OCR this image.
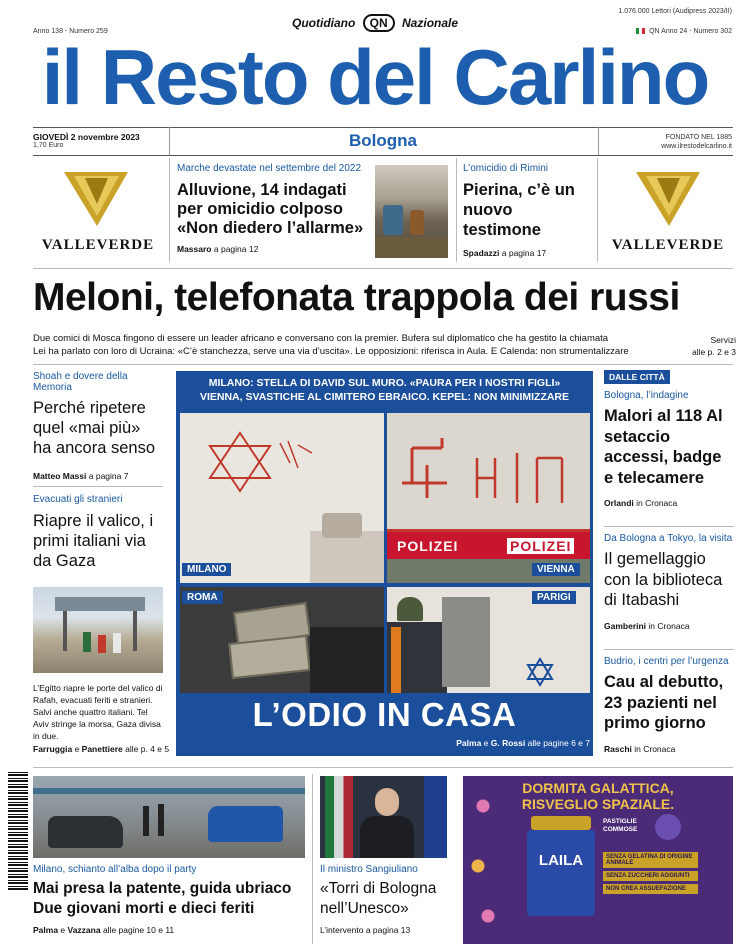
Anno 138 - Numero 259
Quotidiano QN Nazionale
1.076.000 Lettori (Audipress 2023/II)
QN Anno 24 - Numero 302
il Resto del Carlino
GIOVEDÌ 2 novembre 2023
1,70 Euro	Bologna	FONDATO NEL 1885
www.ilrestodelcarlino.it
VALLEVERDE	VALLEVERDE
Marche devastate nel settembre del 2022
Alluvione, 14 indagati per omicidio colposo «Non diedero l’allarme»
Massaro a pagina 12
L’omicidio di Rimini
Pierina, c’è un nuovo testimone
Spadazzi a pagina 17
Meloni, telefonata trappola dei russi
Due comici di Mosca fingono di essere un leader africano e conversano con la premier. Bufera sul diplomatico che ha gestito la chiamata
Lei ha parlato con loro di Ucraina: «C’è stanchezza, serve una via d’uscita». Le opposizioni: riferisca in Aula. E Calenda: non strumentalizzare
Servizi
alle p. 2 e 3
Shoah e dovere della Memoria
Perché ripetere quel «mai più» ha ancora senso
Matteo Massi a pagina 7
Evacuati gli stranieri
Riapre il valico, i primi italiani via da Gaza
L’Egitto riapre le porte del valico di Rafah, evacuati feriti e stranieri. Salvi anche quattro italiani. Tel Aviv stringe la morsa, Gaza divisa in due.
Farruggia e Panettiere alle p. 4 e 5
MILANO: STELLA DI DAVID SUL MURO. «PAURA PER I NOSTRI FIGLI»
VIENNA, SVASTICHE AL CIMITERO EBRAICO. KEPEL: NON MINIMIZZARE
MILANO
POLIZEI	POLIZEI
VIENNA
ROMA	PARIGI
L’ODIO IN CASA
Palma e G. Rossi alle pagine 6 e 7
DALLE CITTÀ
Bologna, l’indagine
Malori al 118 Al setaccio accessi, badge e telecamere
Orlandi in Cronaca
Da Bologna a Tokyo, la visita
Il gemellaggio con la biblioteca di Itabashi
Gamberini in Cronaca
Budrio, i centri per l’urgenza
Cau al debutto, 23 pazienti nel primo giorno
Raschi in Cronaca
Milano, schianto all’alba dopo il party
Mai presa la patente, guida ubriaco Due giovani morti e dieci feriti
Palma e Vazzana alle pagine 10 e 11
Il ministro Sangiuliano
«Torri di Bologna nell’Unesco»
L’intervento a pagina 13
DORMITA GALATTICA,
RISVEGLIO SPAZIALE.
LAILA
PASTIGLIE COMMOSE
SENZA GELATINA DI ORIGINE ANIMALE
SENZA ZUCCHERI AGGIUNTI
NON CREA ASSUEFAZIONE
